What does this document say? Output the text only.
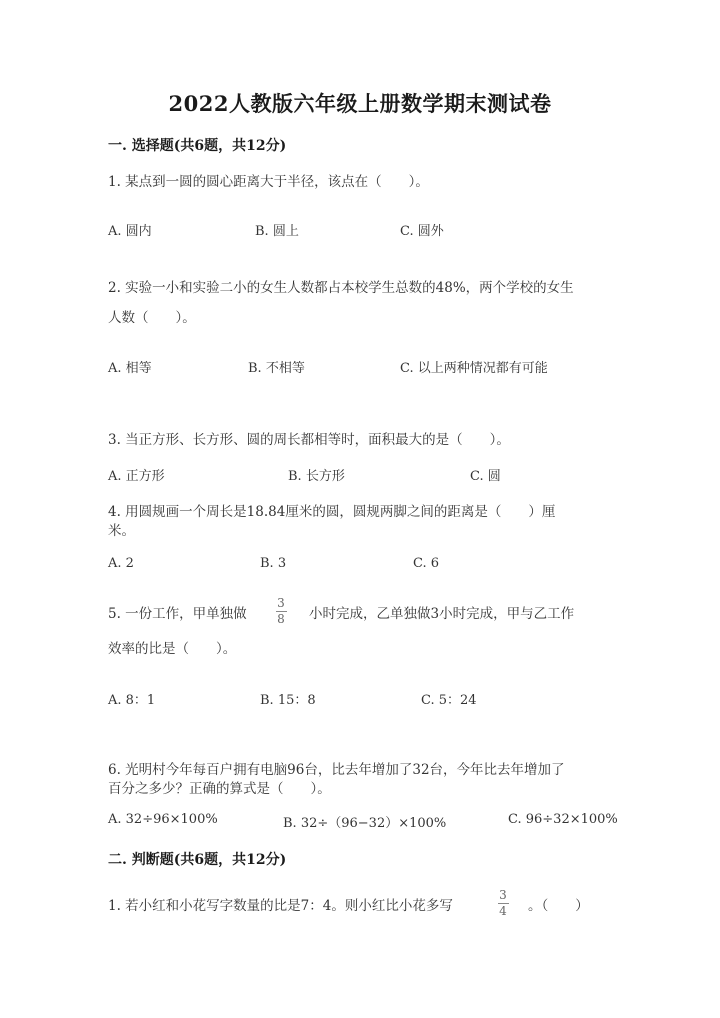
2022人教版六年级上册数学期末测试卷
一. 选择题(共6题，共12分)
1. 某点到一圆的圆心距离大于半径，该点在（　　）。
A. 圆内	B. 圆上	C. 圆外
2. 实验一小和实验二小的女生人数都占本校学生总数的48%，两个学校的女生
人数（　　）。
A. 相等	B. 不相等	C. 以上两种情况都有可能
3. 当正方形、长方形、圆的周长都相等时，面积最大的是（　　）。
A. 正方形	B. 长方形	C. 圆
4. 用圆规画一个周长是18.84厘米的圆，圆规两脚之间的距离是（　　）厘
米。
A. 2	B. 3	C. 6
5. 一份工作，甲单独做
3
8 小时完成，乙单独做3小时完成，甲与乙工作
效率的比是（　　）。
A. 8：1	B. 15：8	C. 5：24
6. 光明村今年每百户拥有电脑96台，比去年增加了32台，今年比去年增加了
百分之多少？正确的算式是（　　）。
A. 32÷96×100%	B. 32÷（96−32）×100%	C. 96÷32×100%
二. 判断题(共6题，共12分)
1. 若小红和小花写字数量的比是7：4。则小红比小花多写
3
4 。（　　）
